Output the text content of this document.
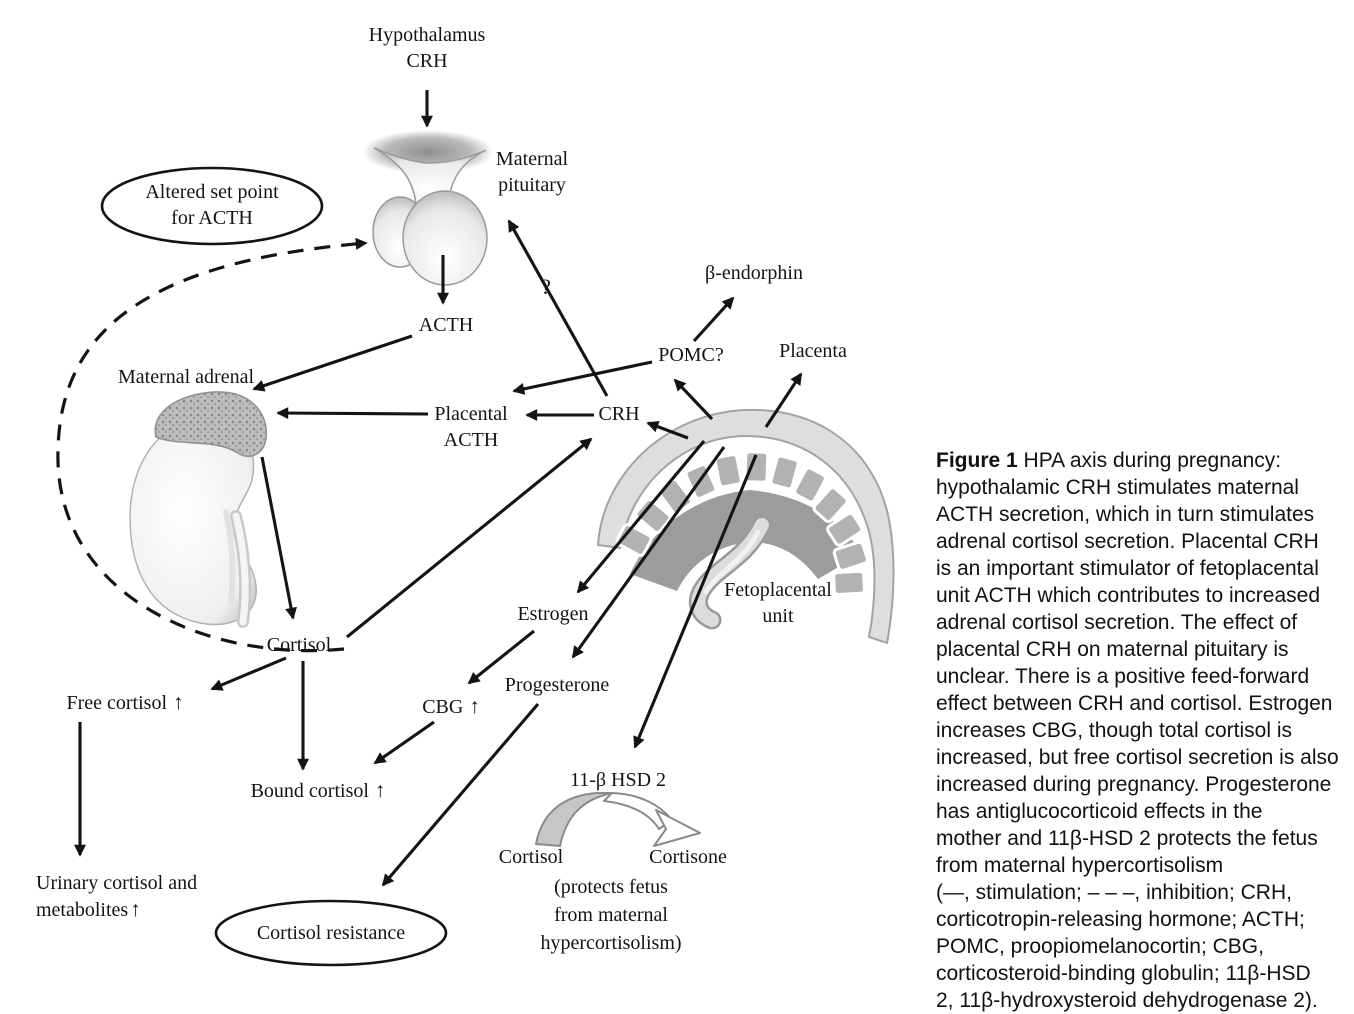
Hypothalamus
CRH
Maternal
pituitary
Altered set point
for ACTH
ACTH
Maternal adrenal
Placental
ACTH
CRH
?
POMC?
β-endorphin
Placenta
Fetoplacental
unit
Estrogen
Progesterone
CBG ↑
Cortisol
Free cortisol ↑
Bound cortisol ↑
Urinary cortisol and
metabolites↑
Cortisol resistance
11-β HSD 2
Cortisol	Cortisone
(protects fetus
from maternal
hypercortisolism)
Figure 1 HPA axis during pregnancy:
hypothalamic CRH stimulates maternal
ACTH secretion, which in turn stimulates
adrenal cortisol secretion. Placental CRH
is an important stimulator of fetoplacental
unit ACTH which contributes to increased
adrenal cortisol secretion. The effect of
placental CRH on maternal pituitary is
unclear. There is a positive feed-forward
effect between CRH and cortisol. Estrogen
increases CBG, though total cortisol is
increased, but free cortisol secretion is also
increased during pregnancy. Progesterone
has antiglucocorticoid effects in the
mother and 11β-HSD 2 protects the fetus
from maternal hypercortisolism
(—, stimulation; – – –, inhibition; CRH,
corticotropin-releasing hormone; ACTH;
POMC, proopiomelanocortin; CBG,
corticosteroid-binding globulin; 11β-HSD
2, 11β-hydroxysteroid dehydrogenase 2).
